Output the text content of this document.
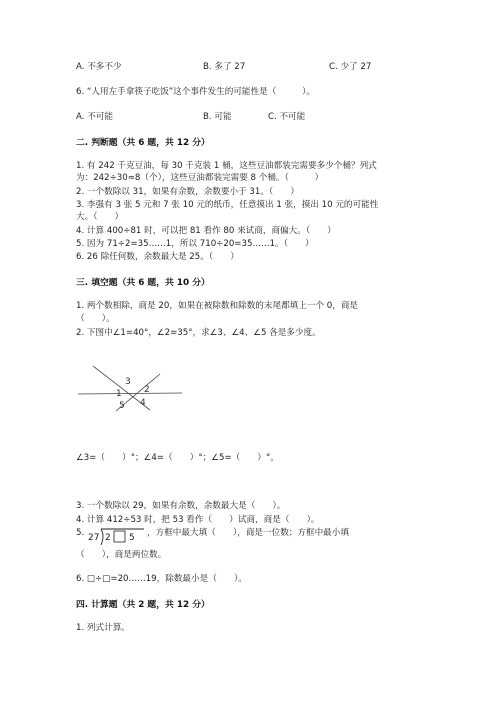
A. 不多不少	B. 多了 27	C. 少了 27
6. “人用左手拿筷子吃饭”这个事件发生的可能性是（　　　）。
A. 不可能	B. 可能	C. 不可能
二. 判断题（共 6 题，共 12 分）
1. 有 242 千克豆油，每 30 千克装 1 桶，这些豆油都装完需要多少个桶？列式
为：242÷30≈8（个），这些豆油都装完需要 8 个桶。（　　　）
2. 一个数除以 31，如果有余数，余数要小于 31。（　　）
3. 李强有 3 张 5 元和 7 张 10 元的纸币，任意摸出 1 张，摸出 10 元的可能性
大。（　　）
4. 计算 400÷81 时，可以把 81 看作 80 来试商，商偏大。（　　）
5. 因为 71÷2=35……1，所以 710÷20=35……1。（　　）
6. 26 除任何数，余数最大是 25。（　　）
三. 填空题（共 6 题，共 10 分）
1. 两个数相除，商是 20，如果在被除数和除数的末尾都填上一个 0，商是
（　　）。
2. 下图中∠1=40°，∠2=35°，求∠3、∠4、∠5 各是多少度。
1 2
3
4
5
∠3=（　　）°；∠4=（　　）°；∠5=（　　）°。
3. 一个数除以 29，如果有余数，余数最大是（　　）。
4. 计算 412÷53 时，把 53 看作（　　）试商，商是（　　）。
5. 27 2 5 ，方框中最大填（　　），商是一位数；方框中最小填
（　　），商是两位数。
6. □÷□=20……19，除数最小是（　　）。
四. 计算题（共 2 题，共 12 分）
1. 列式计算。
